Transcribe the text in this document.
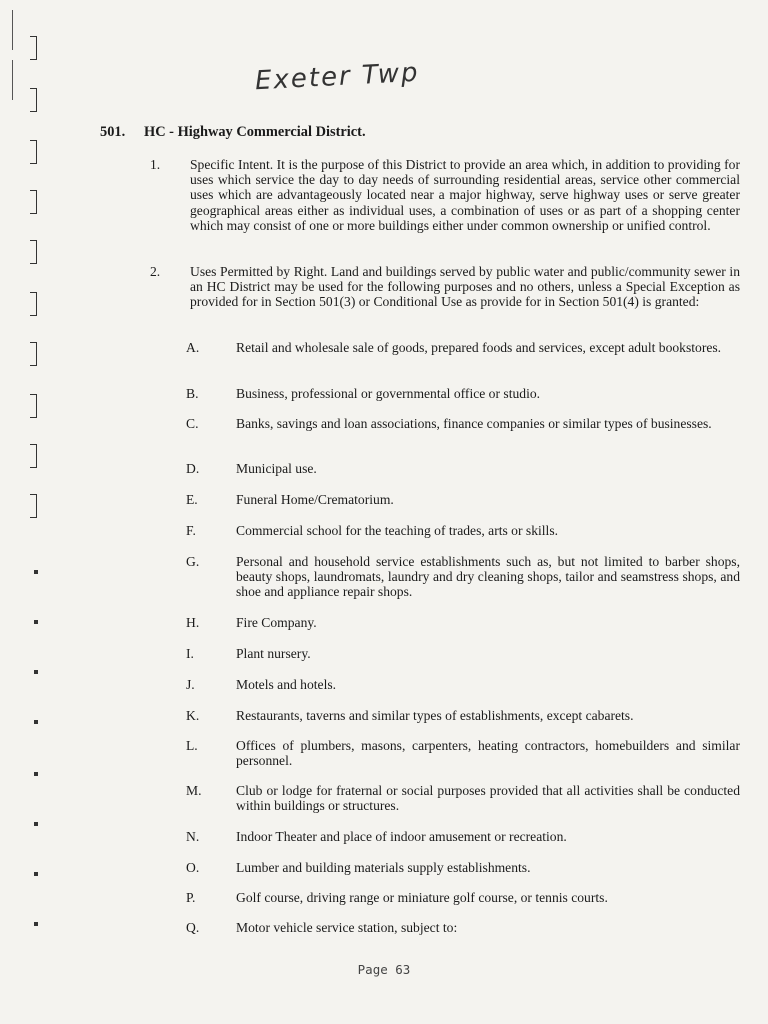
Exeter Twp
501. HC - Highway Commercial District.
1. Specific Intent. It is the purpose of this District to provide an area which, in addition to providing for uses which service the day to day needs of surrounding residential areas, service other commercial uses which are advantageously located near a major highway, serve highway uses or serve greater geographical areas either as individual uses, a combination of uses or as part of a shopping center which may consist of one or more buildings either under common ownership or unified control.
2. Uses Permitted by Right. Land and buildings served by public water and public/community sewer in an HC District may be used for the following purposes and no others, unless a Special Exception as provided for in Section 501(3) or Conditional Use as provide for in Section 501(4) is granted:
A.	Retail and wholesale sale of goods, prepared foods and services, except adult bookstores.
B.	Business, professional or governmental office or studio.
C.	Banks, savings and loan associations, finance companies or similar types of businesses.
D.	Municipal use.
E.	Funeral Home/Crematorium.
F.	Commercial school for the teaching of trades, arts or skills.
G.	Personal and household service establishments such as, but not limited to barber shops, beauty shops, laundromats, laundry and dry cleaning shops, tailor and seamstress shops, and shoe and appliance repair shops.
H.	Fire Company.
I.	Plant nursery.
J.	Motels and hotels.
K.	Restaurants, taverns and similar types of establishments, except cabarets.
L.	Offices of plumbers, masons, carpenters, heating contractors, homebuilders and similar personnel.
M.	Club or lodge for fraternal or social purposes provided that all activities shall be conducted within buildings or structures.
N.	Indoor Theater and place of indoor amusement or recreation.
O.	Lumber and building materials supply establishments.
P.	Golf course, driving range or miniature golf course, or tennis courts.
Q.	Motor vehicle service station, subject to:
Page 63
